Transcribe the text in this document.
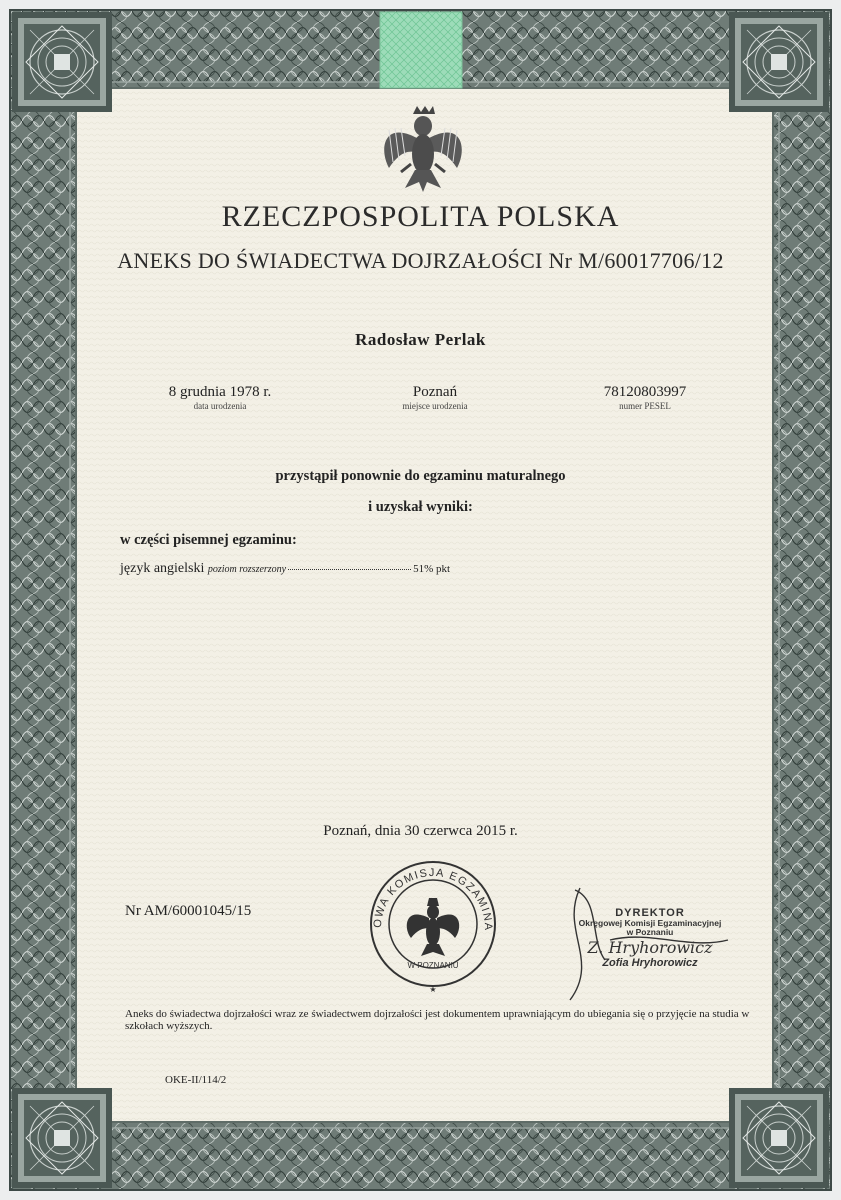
OWA KOMISJA EGZAMINA
W POZNANIU
★
RZECZPOSPOLITA POLSKA
ANEKS DO ŚWIADECTWA DOJRZAŁOŚCI Nr M/60017706/12
Radosław Perlak
8 grudnia 1978 r.
data urodzenia
Poznań
miejsce urodzenia
78120803997
numer PESEL
przystąpił ponownie do egzaminu maturalnego
i uzyskał wyniki:
w części pisemnej egzaminu:
język angielski poziom rozszerzony	51% pkt
Poznań, dnia 30 czerwca 2015 r.
Nr AM/60001045/15	DYREKTOR
Okręgowej Komisji Egzaminacyjnej
w Poznaniu
Z. Hryhorowicz
Zofia Hryhorowicz
Aneks do świadectwa dojrzałości wraz ze świadectwem dojrzałości jest dokumentem uprawniającym do ubiegania się o przyjęcie na studia w szkołach wyższych.
OKE-II/114/2
